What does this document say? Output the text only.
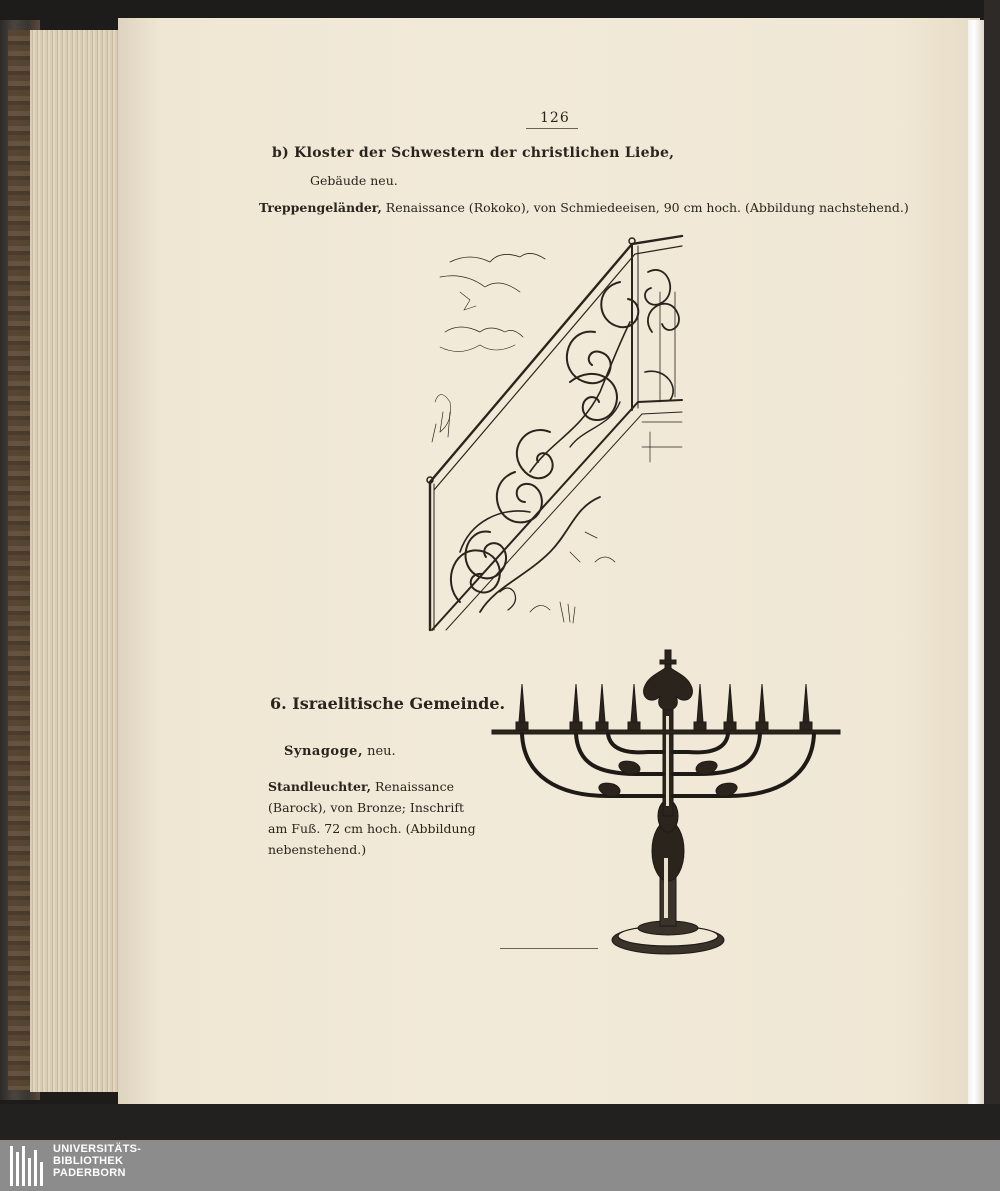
126
b) Kloster der Schwestern der christlichen Liebe,
Gebäude neu.
Treppengeländer, Renaissance (Rokoko), von Schmiedeeisen, 90 cm hoch. (Abbildung nachstehend.)
6. Israelitische Gemeinde.
Synagoge, neu.
Standleuchter, Renaissance (Barock), von Bronze; Inschrift am Fuß. 72 cm hoch. (Abbildung nebenstehend.)
UNIVERSITÄTS-
BIBLIOTHEK
PADERBORN
